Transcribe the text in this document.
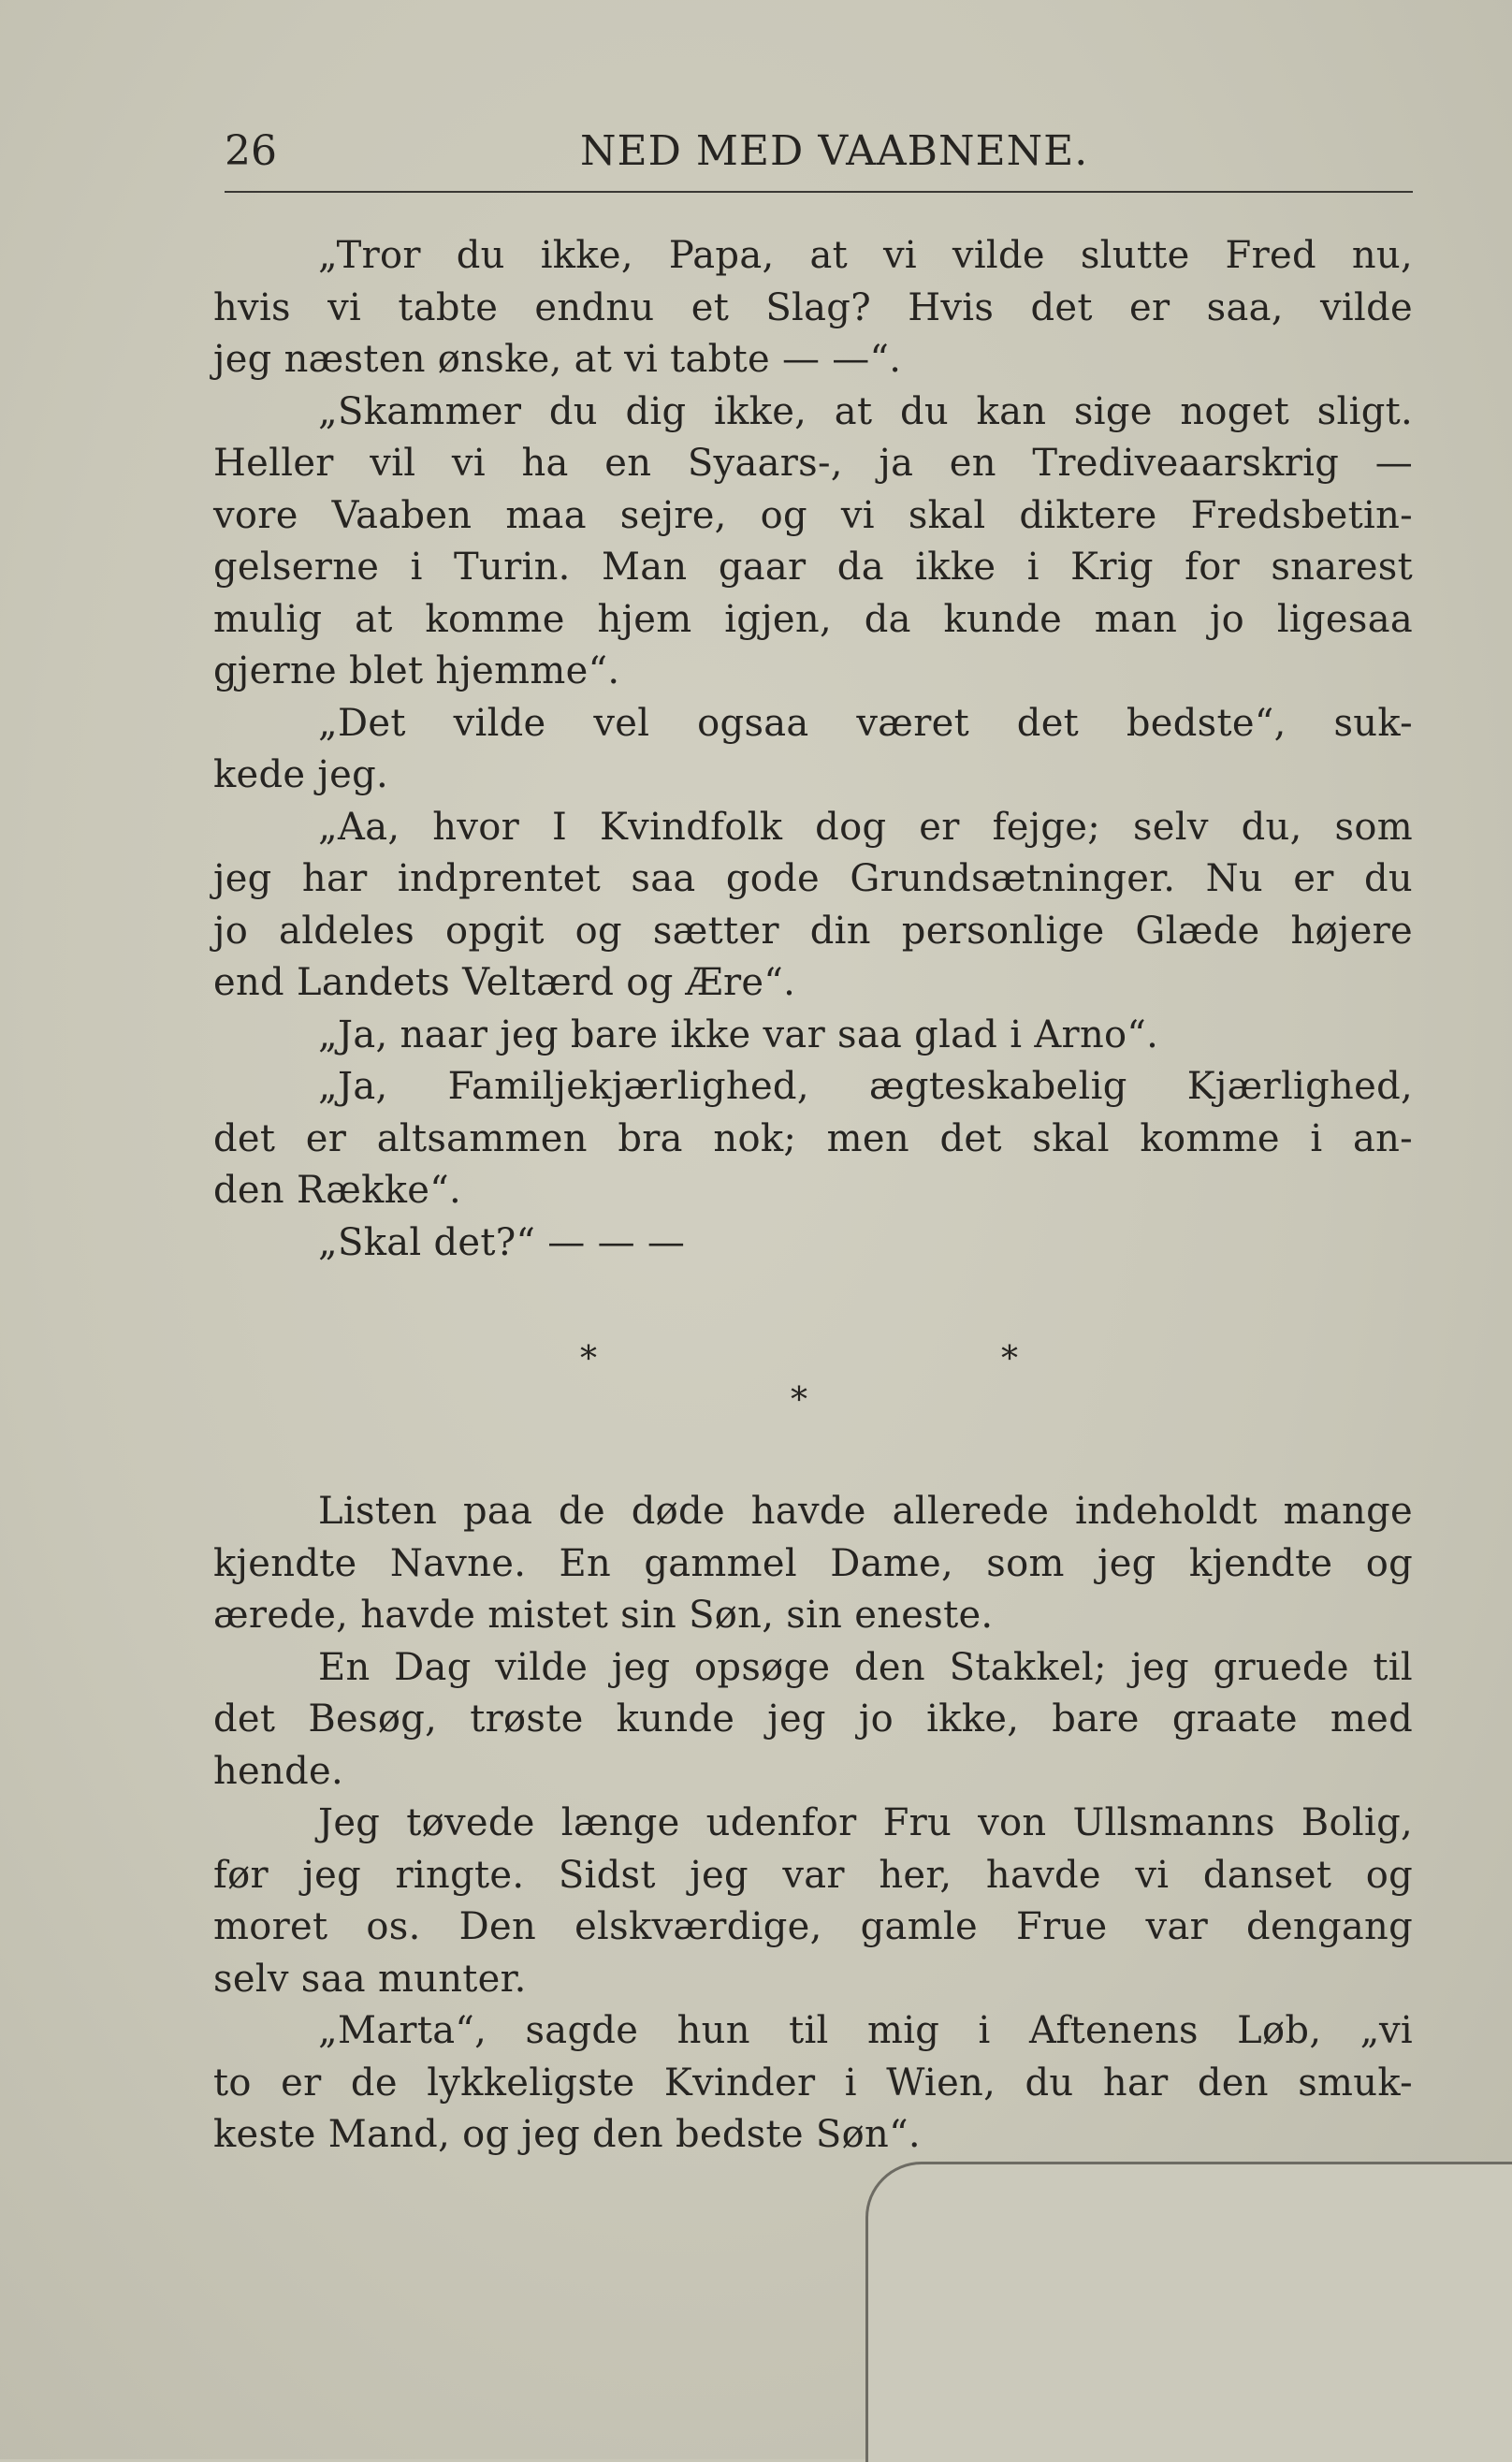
26	NED MED VAABNENE.
„Tror du ikke, Papa, at vi vilde slutte Fred nu,
hvis vi tabte endnu et Slag? Hvis det er saa, vilde
jeg næsten ønske, at vi tabte — —“.
„Skammer du dig ikke, at du kan sige noget sligt.
Heller vil vi ha en Syaars-, ja en Trediveaarskrig —
vore Vaaben maa sejre, og vi skal diktere Fredsbetin-
gelserne i Turin. Man gaar da ikke i Krig for snarest
mulig at komme hjem igjen, da kunde man jo ligesaa
gjerne blet hjemme“.
„Det vilde vel ogsaa været det bedste“, suk-
kede jeg.
„Aa, hvor I Kvindfolk dog er fejge; selv du, som
jeg har indprentet saa gode Grundsætninger. Nu er du
jo aldeles opgit og sætter din personlige Glæde højere
end Landets Veltærd og Ære“.
„Ja, naar jeg bare ikke var saa glad i Arno“.
„Ja, Familjekjærlighed, ægteskabelig Kjærlighed,
det er altsammen bra nok; men det skal komme i an-
den Række“.
„Skal det?“ — — —
*	*
*
Listen paa de døde havde allerede indeholdt mange
kjendte Navne. En gammel Dame, som jeg kjendte og
ærede, havde mistet sin Søn, sin eneste.
En Dag vilde jeg opsøge den Stakkel; jeg gruede til
det Besøg, trøste kunde jeg jo ikke, bare graate med
hende.
Jeg tøvede længe udenfor Fru von Ullsmanns Bolig,
før jeg ringte. Sidst jeg var her, havde vi danset og
moret os. Den elskværdige, gamle Frue var dengang
selv saa munter.
„Marta“, sagde hun til mig i Aftenens Løb, „vi
to er de lykkeligste Kvinder i Wien, du har den smuk-
keste Mand, og jeg den bedste Søn“.
